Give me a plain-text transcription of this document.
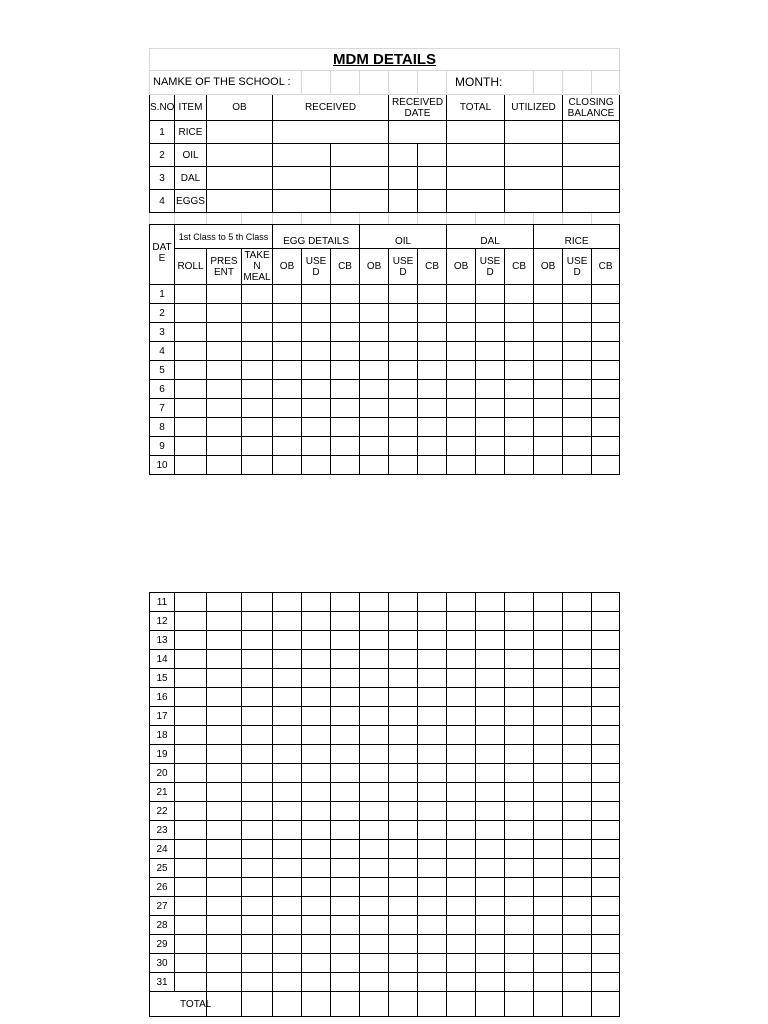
MDM DETAILS															
NAMKE OF THE SCHOOL :										MONTH:					
S.NO	ITEM	OB		RECEIVED				RECEIVED DATE		TOTAL		UTILIZED		CLOSING BALANCE	
1	RICE														
2	OIL														
3	DAL														
4	EGGS														

DAT E	1st Class to 5 th Class			EGG DETAILS			OIL			DAL			RICE		
	ROLL	PRES ENT	TAKE N MEAL	OB	USE D	CB	OB	USE D	CB	OB	USE D	CB	OB	USE D	CB
1															
2															
3															
4															
5															
6															
7															
8															
9															
10															
11															
12															
13															
14															
15															
16															
17															
18															
19															
20															
21															
22															
23															
24															
25															
26															
27															
28															
29															
30															
31															
TOTAL															
